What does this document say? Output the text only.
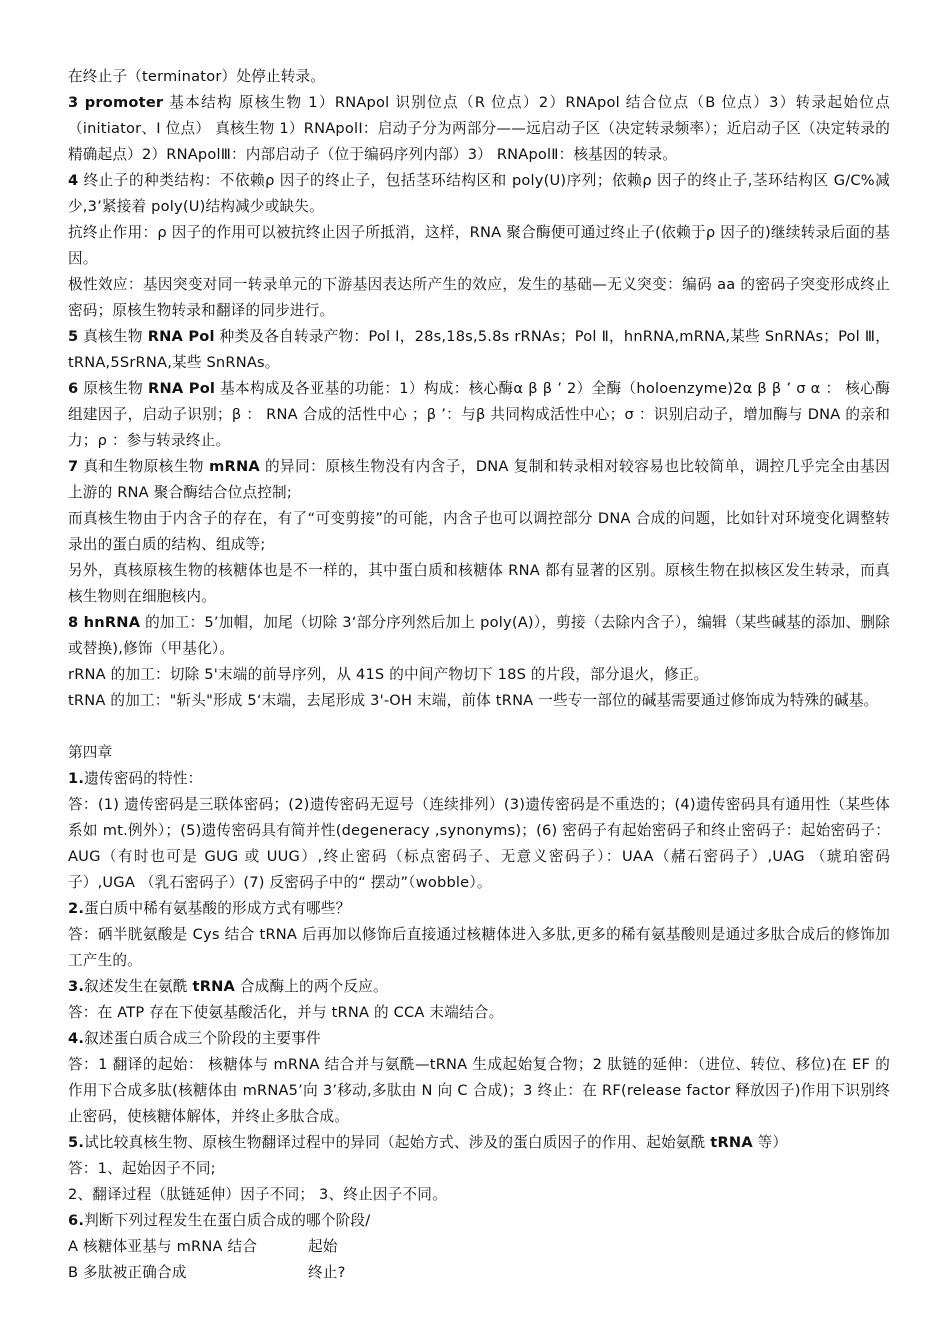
在终止子（terminator）处停止转录。

3 promoter 基本结构 原核生物 1）RNApol 识别位点（R 位点）2）RNApol 结合位点（B 位点）3）转录起始位点（initiator、I 位点） 真核生物 1）RNApolⅠ：启动子分为两部分——远启动子区（决定转录频率）；近启动子区（决定转录的精确起点）2）RNApolⅢ：内部启动子（位于编码序列内部）3） RNApolⅡ：核基因的转录。

4 终止子的种类结构：不依赖ρ 因子的终止子，包括茎环结构区和 poly(U)序列；依赖ρ 因子的终止子,茎环结构区 G/C%减少,3’紧接着 poly(U)结构减少或缺失。

抗终止作用：ρ 因子的作用可以被抗终止因子所抵消，这样，RNA 聚合酶便可通过终止子(依赖于ρ 因子的)继续转录后面的基因。

极性效应：基因突变对同一转录单元的下游基因表达所产生的效应，发生的基础—无义突变：编码 aa 的密码子突变形成终止密码；原核生物转录和翻译的同步进行。

5 真核生物 RNA Pol 种类及各自转录产物：Pol Ⅰ，28s,18s,5.8s rRNAs；Pol Ⅱ，hnRNA,mRNA,某些 SnRNAs；Pol Ⅲ，tRNA,5SrRNA,某些 SnRNAs。

6 原核生物 RNA Pol 基本构成及各亚基的功能：1）构成：核心酶α β β ’ 2）全酶（holoenzyme)2α β β ’ σ α ： 核心酶组建因子，启动子识别；β ： RNA 合成的活性中心 ；β ’：与β 共同构成活性中心；σ ：识别启动子，增加酶与 DNA 的亲和力；ρ ：参与转录终止。

7 真和生物原核生物 mRNA 的异同：原核生物没有内含子，DNA 复制和转录相对较容易也比较简单，调控几乎完全由基因上游的 RNA 聚合酶结合位点控制;

而真核生物由于内含子的存在，有了“可变剪接”的可能，内含子也可以调控部分 DNA 合成的问题，比如针对环境变化调整转录出的蛋白质的结构、组成等;

另外，真核原核生物的核糖体也是不一样的，其中蛋白质和核糖体 RNA 都有显著的区别。原核生物在拟核区发生转录，而真核生物则在细胞核内。

8 hnRNA 的加工：5’加帽，加尾（切除 3‘部分序列然后加上 poly(A)），剪接（去除内含子），编辑（某些碱基的添加、删除或替换),修饰（甲基化）。

rRNA 的加工：切除 5'末端的前导序列，从 41S 的中间产物切下 18S 的片段，部分退火，修正。

tRNA 的加工："斩头"形成 5‘末端，去尾形成 3'-OH 末端，前体 tRNA 一些专一部位的碱基需要通过修饰成为特殊的碱基。

第四章

1.遗传密码的特性：

答：(1) 遗传密码是三联体密码；(2)遗传密码无逗号（连续排列）(3)遗传密码是不重迭的；(4)遗传密码具有通用性（某些体系如 mt.例外）；(5)遗传密码具有简并性(degeneracy ,synonyms)；(6) 密码子有起始密码子和终止密码子：起始密码子：AUG（有时也可是 GUG 或 UUG）,终止密码（标点密码子、无意义密码子）：UAA（赭石密码子）,UAG （琥珀密码子）,UGA （乳石密码子）(7) 反密码子中的“ 摆动”（wobble）。

2.蛋白质中稀有氨基酸的形成方式有哪些？

答：硒半胱氨酸是 Cys 结合 tRNA 后再加以修饰后直接通过核糖体进入多肽,更多的稀有氨基酸则是通过多肽合成后的修饰加工产生的。

3.叙述发生在氨酰 tRNA 合成酶上的两个反应。

答：在 ATP 存在下使氨基酸活化，并与 tRNA 的 CCA 末端结合。

4.叙述蛋白质合成三个阶段的主要事件

答：1 翻译的起始： 核糖体与 mRNA 结合并与氨酰—tRNA 生成起始复合物；2 肽链的延伸：（进位、转位、移位)在 EF 的作用下合成多肽(核糖体由 mRNA5’向 3’移动,多肽由 N 向 C 合成)；3 终止：在 RF(release factor 释放因子)作用下识别终止密码，使核糖体解体，并终止多肽合成。

5.试比较真核生物、原核生物翻译过程中的异同（起始方式、涉及的蛋白质因子的作用、起始氨酰 tRNA 等）

答：1、起始因子不同;

2、翻译过程（肽链延伸）因子不同； 3、终止因子不同。

6.判断下列过程发生在蛋白质合成的哪个阶段/

A 核糖体亚基与 mRNA 结合	起始
B 多肽被正确合成	终止?
